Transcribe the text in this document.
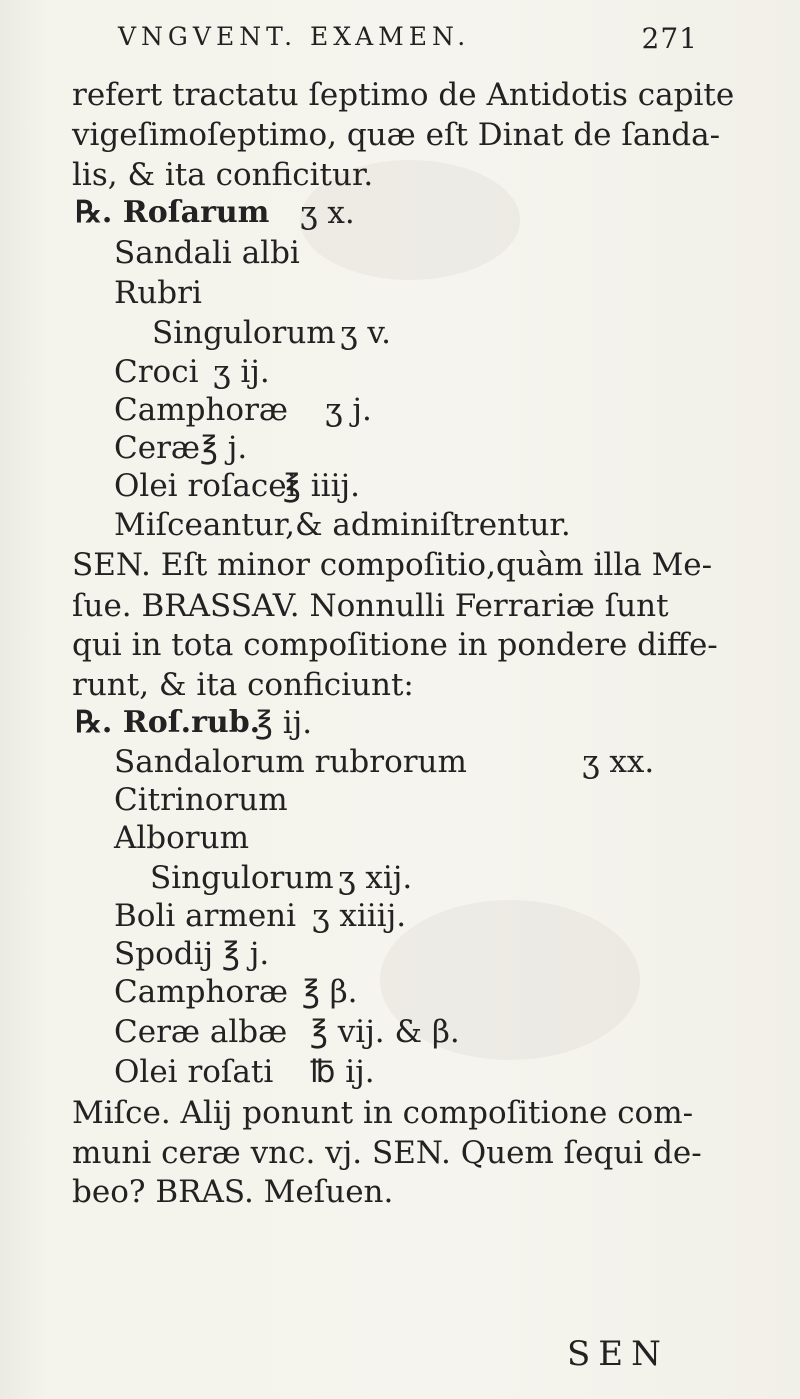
VNGVENT. EXAMEN.	271
refert tractatu ſeptimo de Antidotis capite
vigeſimoſeptimo, quæ eſt Dinat de ſanda-
lis, & ita conficitur.
℞. Roſarum
Sandali albi
Rubri
Singulorum
Croci
Camphoræ
Ceræ
Olei roſacei
Miſceantur,& adminiſtrentur.
SEN. Eſt minor compoſitio,quàm illa Me-
ſue. BRASSAV. Nonnulli Ferrariæ ſunt
qui in tota compoſitione in pondere diffe-
runt, & ita conficiunt:
℞. Roſ.rub.
Sandalorum rubrorum
Citrinorum
Alborum
Singulorum
Boli armeni
Spodij
Camphoræ
Ceræ albæ
Olei roſati
Miſce. Alij ponunt in compoſitione com-
muni ceræ vnc. vj. SEN. Quem ſequi de-
beo? BRAS. Meſuen.
ʒ x.
ʒ v.
ʒ ij.
ʒ j.
℥ j.
℥ iiij.
℥ ij.
ʒ xx.
ʒ xij.
ʒ xiiij.
℥ j.
℥ β.
℥ vij. & β.
℔ ij.
SEN
